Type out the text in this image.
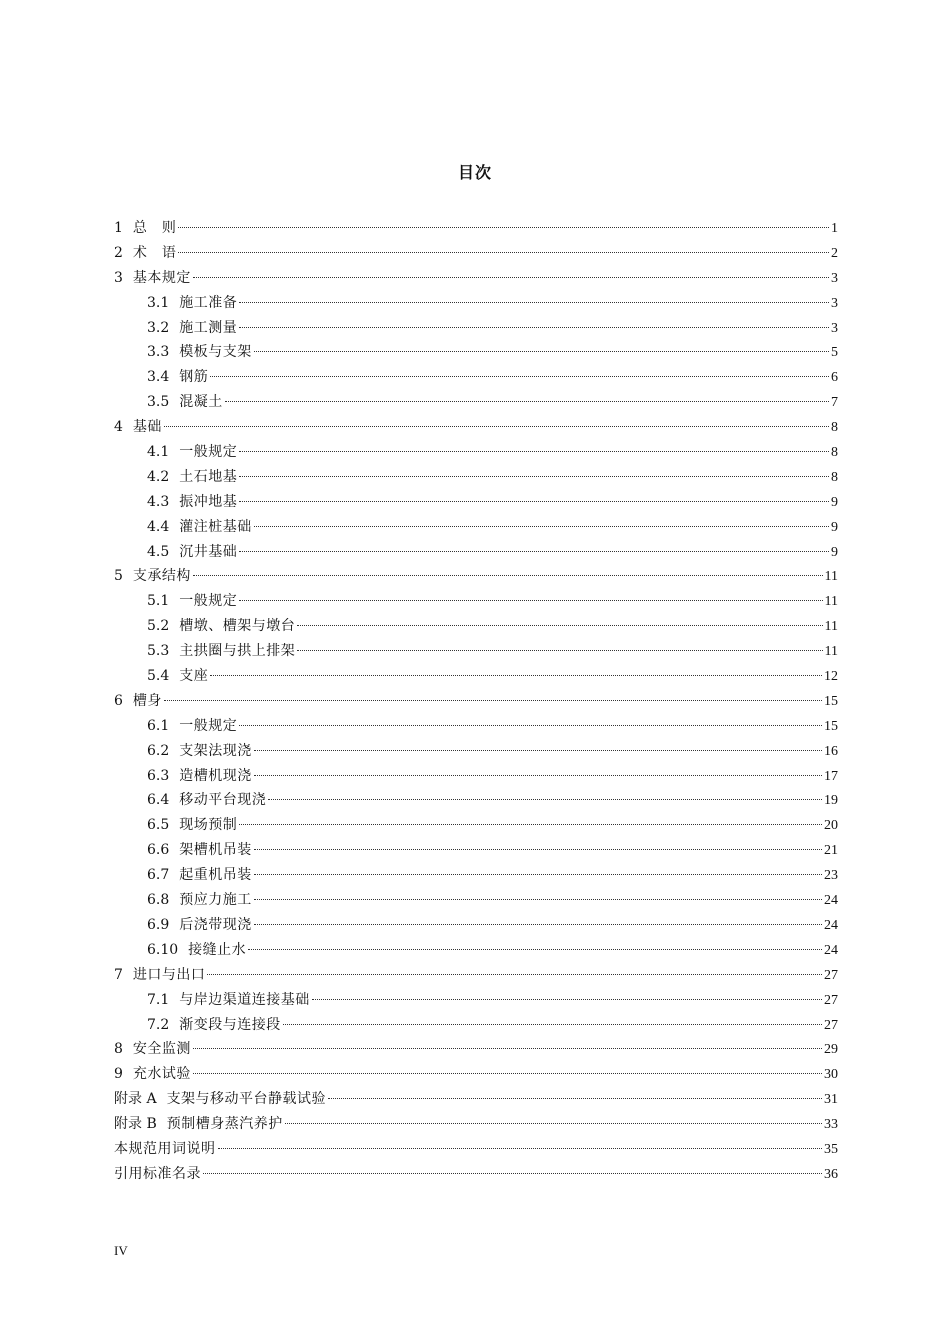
目次
1 总　则	1
2 术　语	2
3 基本规定	3
3.1 施工准备	3
3.2 施工测量	3
3.3 模板与支架	5
3.4 钢筋	6
3.5 混凝土	7
4 基础	8
4.1 一般规定	8
4.2 土石地基	8
4.3 振冲地基	9
4.4 灌注桩基础	9
4.5 沉井基础	9
5 支承结构	11
5.1 一般规定	11
5.2 槽墩、槽架与墩台	11
5.3 主拱圈与拱上排架	11
5.4 支座	12
6 槽身	15
6.1 一般规定	15
6.2 支架法现浇	16
6.3 造槽机现浇	17
6.4 移动平台现浇	19
6.5 现场预制	20
6.6 架槽机吊装	21
6.7 起重机吊装	23
6.8 预应力施工	24
6.9 后浇带现浇	24
6.10 接缝止水	24
7 进口与出口	27
7.1 与岸边渠道连接基础	27
7.2 渐变段与连接段	27
8 安全监测	29
9 充水试验	30
附录 A 支架与移动平台静载试验	31
附录 B 预制槽身蒸汽养护	33
本规范用词说明	35
引用标准名录	36
IV
